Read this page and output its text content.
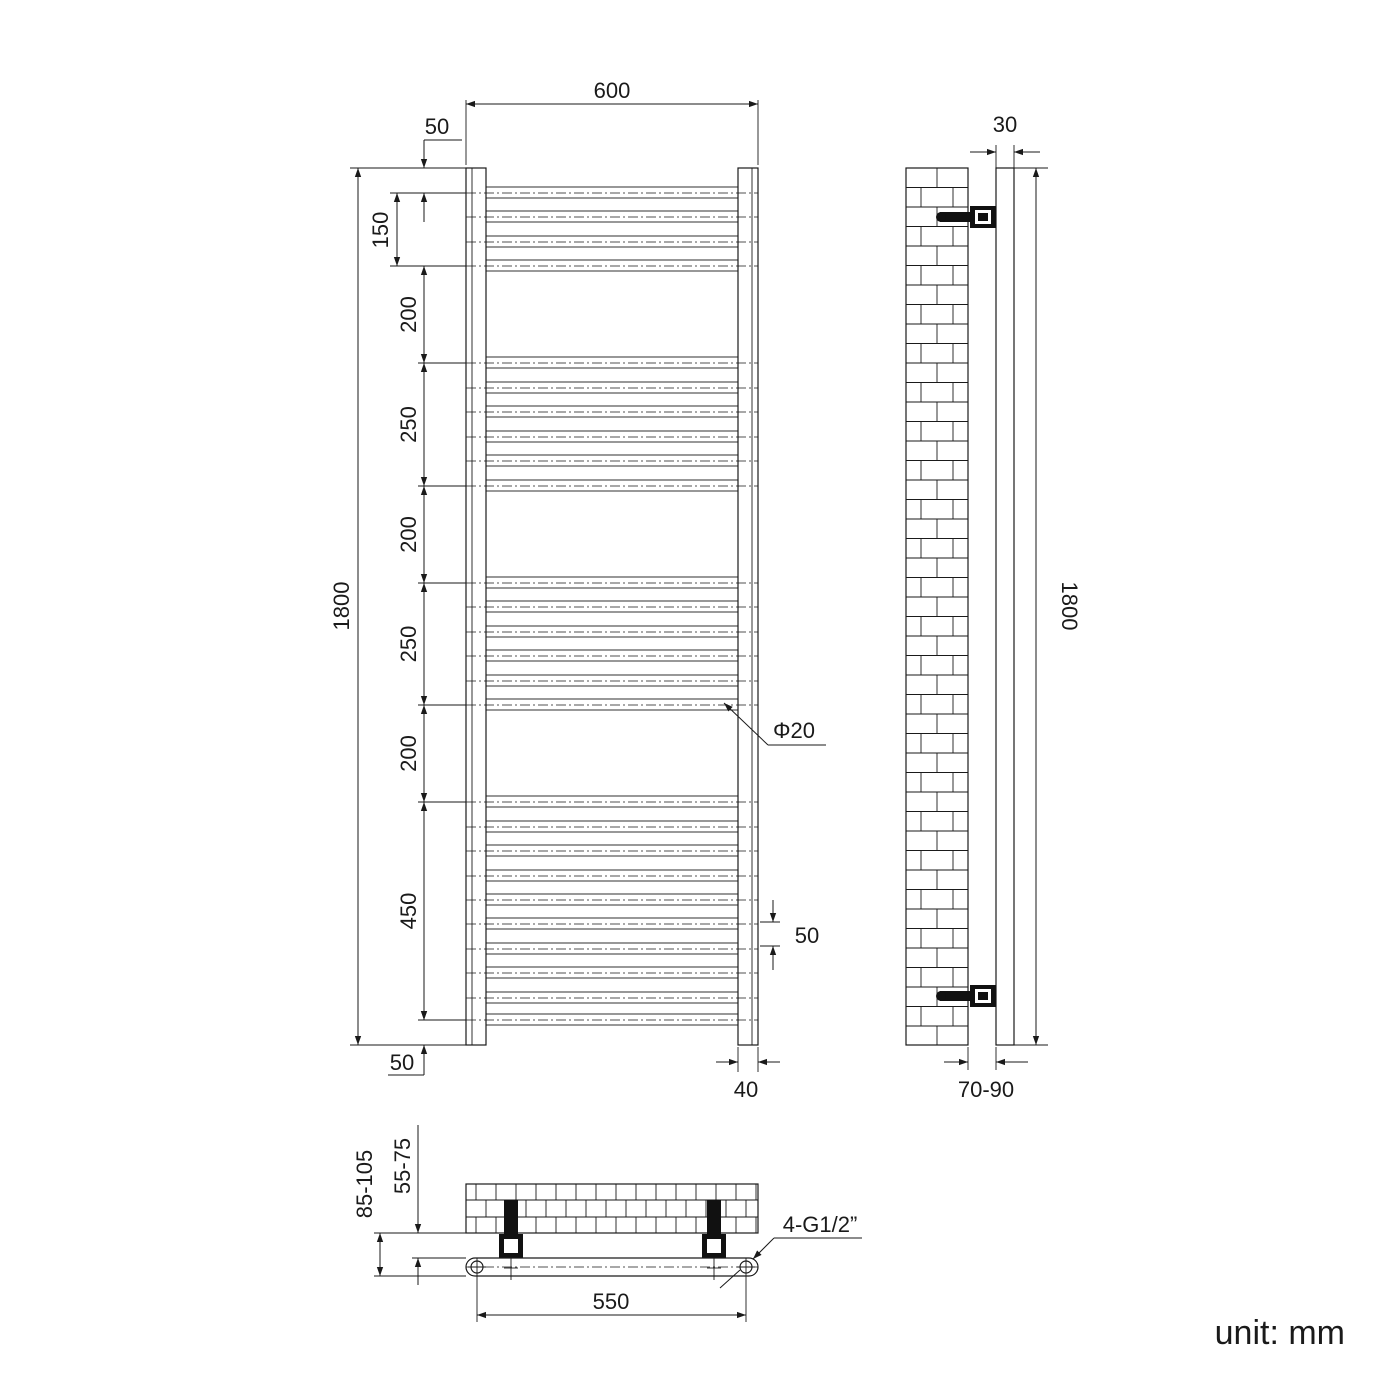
600
1800
50
150
200
250
200
250
200
450
50
Φ20
50
40
30
1800
70-90
85-105 55-75
550
4-G1/2”
unit: mm
